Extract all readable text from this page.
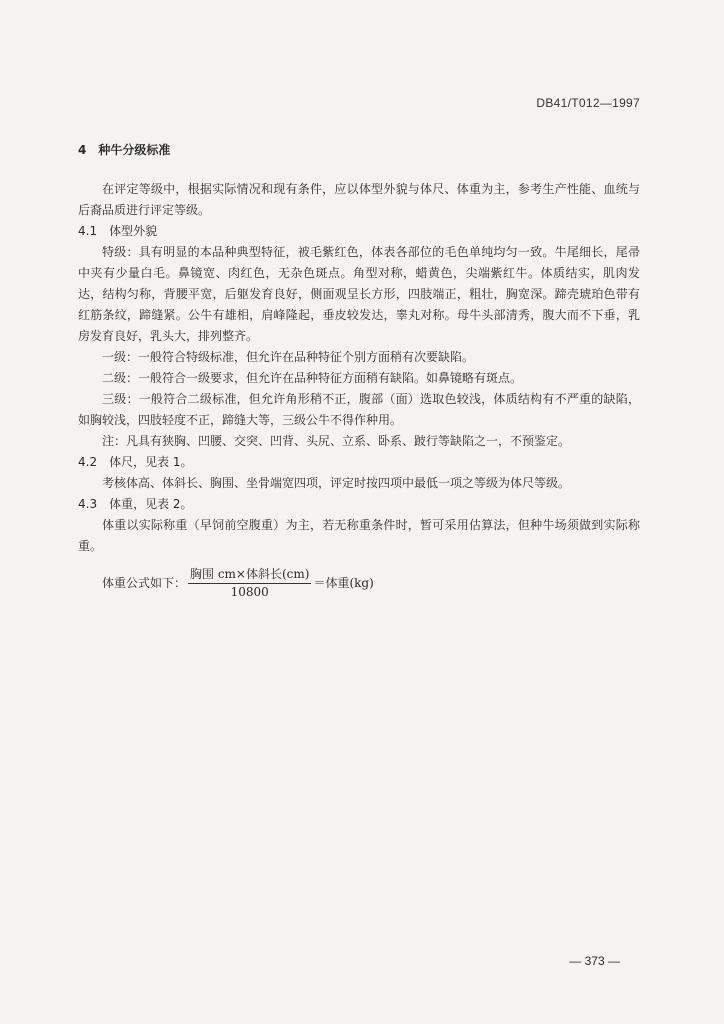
DB41/T012—1997
4 种牛分级标准

在评定等级中，根据实际情况和现有条件，应以体型外貌与体尺、体重为主，参考生产性能、血统与后裔品质进行评定等级。

4.1 体型外貌

特级：具有明显的本品种典型特征，被毛紫红色，体表各部位的毛色单纯均匀一致。牛尾细长，尾帚中夹有少量白毛。鼻镜宽、肉红色，无杂色斑点。角型对称，蜡黄色，尖端紫红牛。体质结实，肌肉发达，结构匀称，背腰平宽，后躯发育良好，侧面观呈长方形，四肢端正，粗壮，胸宽深。蹄壳琥珀色带有红筋条纹，蹄缝紧。公牛有雄相，肩峰隆起，垂皮较发达，睾丸对称。母牛头部清秀，腹大而不下垂，乳房发育良好，乳头大，排列整齐。

一级：一般符合特级标准，但允许在品种特征个别方面稍有次要缺陷。

二级：一般符合一级要求，但允许在品种特征方面稍有缺陷。如鼻镜略有斑点。

三级：一般符合二级标准，但允许角形稍不正，腹部（面）选取色较浅，体质结构有不严重的缺陷，如胸较浅，四肢轻度不正，蹄缝大等，三级公牛不得作种用。

注：凡具有狭胸、凹腰、交突、凹背、头尻、立系、卧系、跛行等缺陷之一，不预鉴定。

4.2 体尺，见表 1。

考核体高、体斜长、胸围、坐骨端宽四项，评定时按四项中最低一项之等级为体尺等级。

4.3 体重，见表 2。

体重以实际称重（早饲前空腹重）为主，若无称重条件时，暂可采用估算法，但种牛场须做到实际称重。

体重公式如下： $\frac{\text{胸围 cm×体斜长(cm)}}{10800}$ ＝体重(kg)
— 373 —
